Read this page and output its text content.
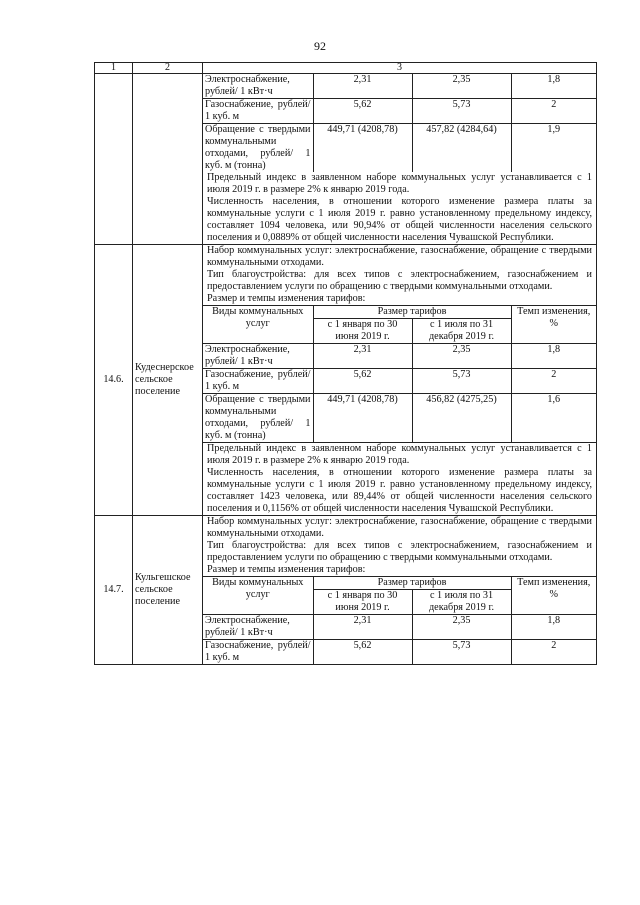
92
1	2	3

Электроснабжение, рублей/ 1 кВт·ч	2,31	2,35	1,8
Газоснабжение, рублей/ 1 куб. м	5,62	5,73	2
Обращение с твердыми коммунальными отходами, рублей/ 1 куб. м (тонна)	449,71 (4208,78)	457,82 (4284,64)	1,9
Предельный индекс в заявленном наборе коммунальных услуг устанавливается с 1 июля 2019 г. в размере 2% к январю 2019 года.
Численность населения, в отношении которого изменение размера платы за коммунальные услуги с 1 июля 2019 г. равно установленному предельному индексу, составляет 1094 человека, или 90,94% от общей численности населения сельского поселения и 0,0889% от общей численности населения Чувашской Республики.

14.6.	Кудеснерское сельское поселение	
Набор коммунальных услуг: электроснабжение, газоснабжение, обращение с твердыми коммунальными отходами.
Тип благоустройства: для всех типов с электроснабжением, газоснабжением и предоставлением услуги по обращению с твердыми коммунальными отходами.
Размер и темпы изменения тарифов:
Виды коммунальных услуг	Размер тарифов	Темп изменения, %
с 1 января по 30 июня 2019 г.	с 1 июля по 31 декабря 2019 г.
Электроснабжение, рублей/ 1 кВт·ч	2,31	2,35	1,8
Газоснабжение, рублей/ 1 куб. м	5,62	5,73	2
Обращение с твердыми коммунальными отходами, рублей/ 1 куб. м (тонна)	449,71 (4208,78)	456,82 (4275,25)	1,6
Предельный индекс в заявленном наборе коммунальных услуг устанавливается с 1 июля 2019 г. в размере 2% к январю 2019 года.
Численность населения, в отношении которого изменение размера платы за коммунальные услуги с 1 июля 2019 г. равно установленному предельному индексу, составляет 1423 человека, или 89,44% от общей численности населения сельского поселения и 0,1156% от общей численности населения Чувашской Республики.

14.7.	Кульгешское сельское поселение	
Набор коммунальных услуг: электроснабжение, газоснабжение, обращение с твердыми коммунальными отходами.
Тип благоустройства: для всех типов с электроснабжением, газоснабжением и предоставлением услуги по обращению с твердыми коммунальными отходами.
Размер и темпы изменения тарифов:
Виды коммунальных услуг	Размер тарифов	Темп изменения, %
с 1 января по 30 июня 2019 г.	с 1 июля по 31 декабря 2019 г.
Электроснабжение, рублей/ 1 кВт·ч	2,31	2,35	1,8
Газоснабжение, рублей/ 1 куб. м	5,62	5,73	2
